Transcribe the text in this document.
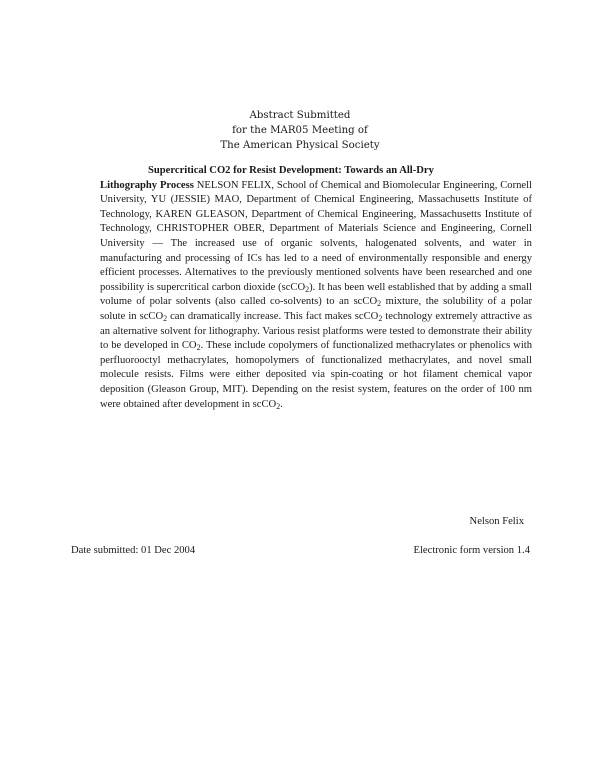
Abstract Submitted
for the MAR05 Meeting of
The American Physical Society
Supercritical CO2 for Resist Development: Towards an All-Dry
Lithography Process NELSON FELIX, School of Chemical and Biomolecular Engineering, Cornell University, YU (JESSIE) MAO, Department of Chemical Engineering, Massachusetts Institute of Technology, KAREN GLEASON, Department of Chemical Engineering, Massachusetts Institute of Technology, CHRISTOPHER OBER, Department of Materials Science and Engineering, Cornell University — The increased use of organic solvents, halogenated solvents, and water in manufacturing and processing of ICs has led to a need of environmentally responsible and energy efficient processes. Alternatives to the previously mentioned solvents have been researched and one possibility is supercritical carbon dioxide (scCO$_2$). It has been well established that by adding a small volume of polar solvents (also called co-solvents) to an scCO$_2$ mixture, the solubility of a polar solute in scCO$_2$ can dramatically increase. This fact makes scCO$_2$ technology extremely attractive as an alternative solvent for lithography. Various resist platforms were tested to demonstrate their ability to be developed in $CO_2$. These include copolymers of functionalized methacrylates or phenolics with perfluorooctyl methacrylates, homopolymers of functionalized methacrylates, and novel small molecule resists. Films were either deposited via spin-coating or hot filament chemical vapor deposition (Gleason Group, MIT). Depending on the resist system, features on the order of 100 nm were obtained after development in scCO$_2$.
Nelson Felix
Date submitted: 01 Dec 2004	Electronic form version 1.4
